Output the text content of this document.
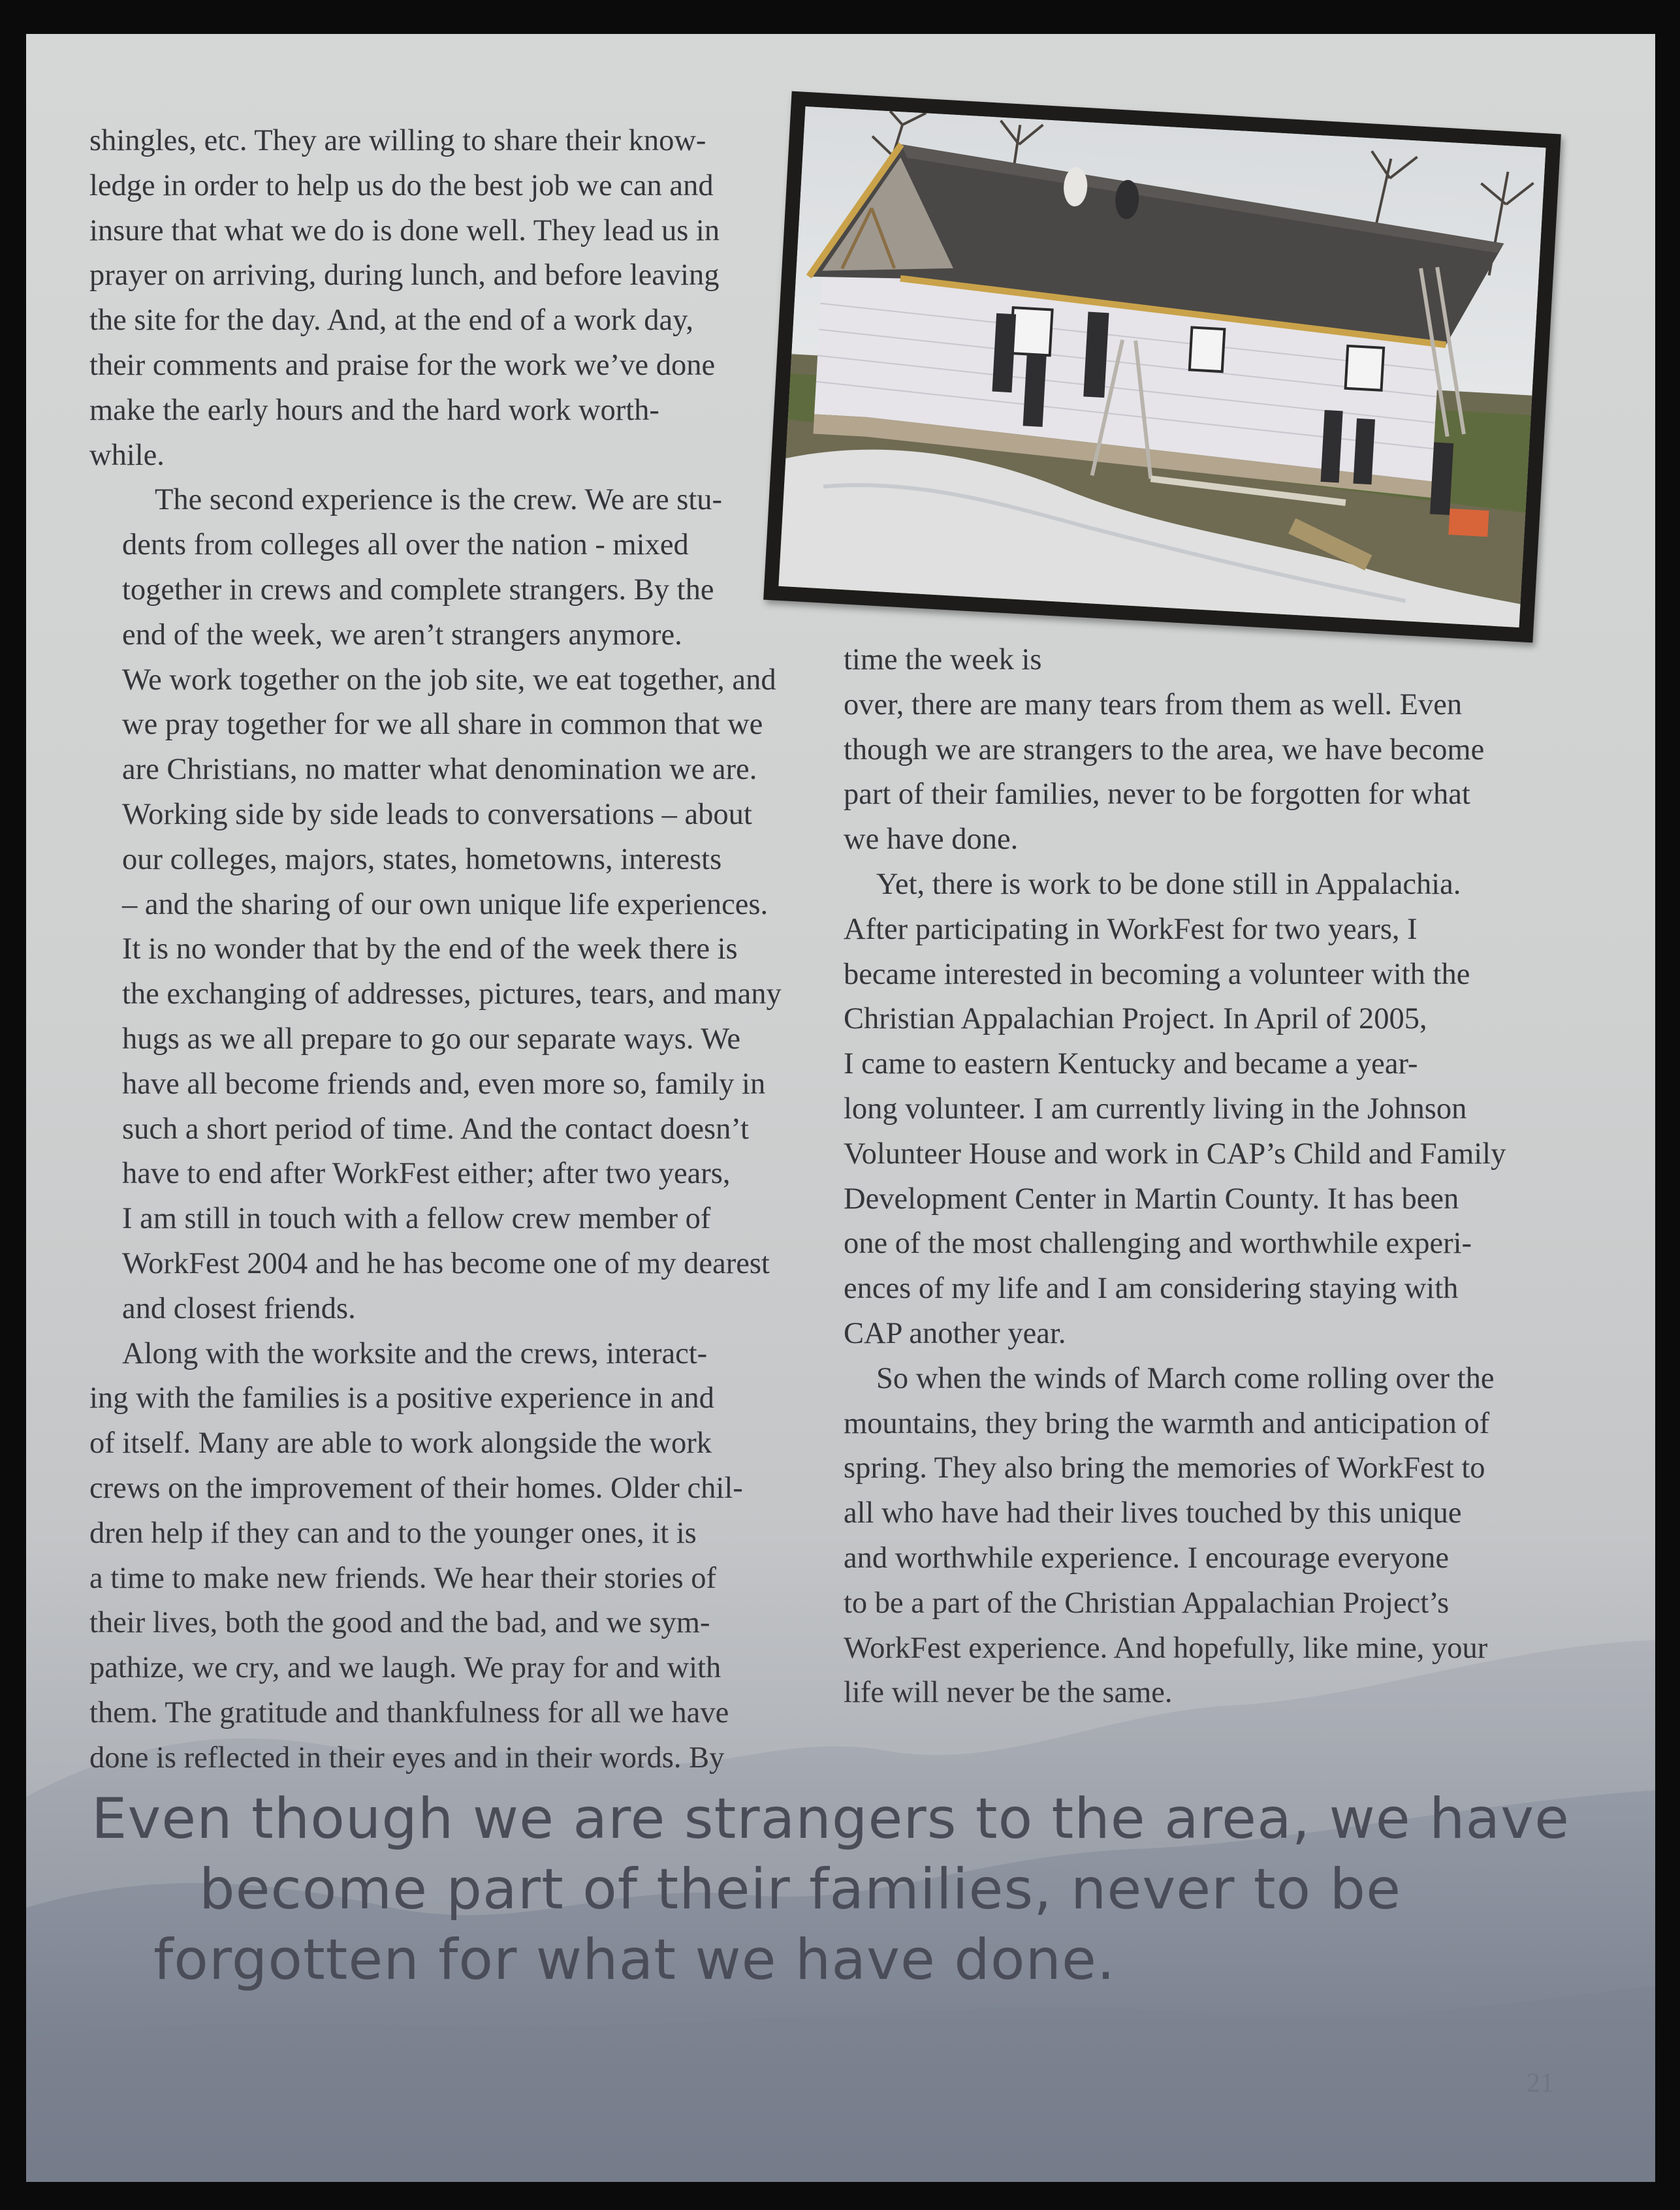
shingles, etc. They are willing to share their know-
ledge in order to help us do the best job we can and
insure that what we do is done well. They lead us in
prayer on arriving, during lunch, and before leaving
the site for the day. And, at the end of a work day,
their comments and praise for the work we’ve done
make the early hours and the hard work worth-
while.

The second experience is the crew. We are stu-
dents from colleges all over the nation - mixed
together in crews and complete strangers. By the
end of the week, we aren’t strangers anymore.
We work together on the job site, we eat together, and
we pray together for we all share in common that we
are Christians, no matter what denomination we are.
Working side by side leads to conversations – about
our colleges, majors, states, hometowns, interests
– and the sharing of our own unique life experiences.
It is no wonder that by the end of the week there is
the exchanging of addresses, pictures, tears, and many
hugs as we all prepare to go our separate ways. We
have all become friends and, even more so, family in
such a short period of time. And the contact doesn’t
have to end after WorkFest either; after two years,
I am still in touch with a fellow crew member of
WorkFest 2004 and he has become one of my dearest
and closest friends.

Along with the worksite and the crews, interact-
ing with the families is a positive experience in and
of itself. Many are able to work alongside the work
crews on the improvement of their homes. Older chil-
dren help if they can and to the younger ones, it is
a time to make new friends. We hear their stories of
their lives, both the good and the bad, and we sym-
pathize, we cry, and we laugh. We pray for and with
them. The gratitude and thankfulness for all we have
done is reflected in their eyes and in their words. By

time the week is
over, there are many tears from them as well. Even
though we are strangers to the area, we have become
part of their families, never to be forgotten for what
we have done.

Yet, there is work to be done still in Appalachia.
After participating in WorkFest for two years, I
became interested in becoming a volunteer with the
Christian Appalachian Project. In April of 2005,
I came to eastern Kentucky and became a year-
long volunteer. I am currently living in the Johnson
Volunteer House and work in CAP’s Child and Family
Development Center in Martin County. It has been
one of the most challenging and worthwhile experi-
ences of my life and I am considering staying with
CAP another year.

So when the winds of March come rolling over the
mountains, they bring the warmth and anticipation of
spring. They also bring the memories of WorkFest to
all who have had their lives touched by this unique
and worthwhile experience. I encourage everyone
to be a part of the Christian Appalachian Project’s
WorkFest experience. And hopefully, like mine, your
life will never be the same.

Even though we are strangers to the area, we have
become part of their families, never to be
forgotten for what we have done.
21
